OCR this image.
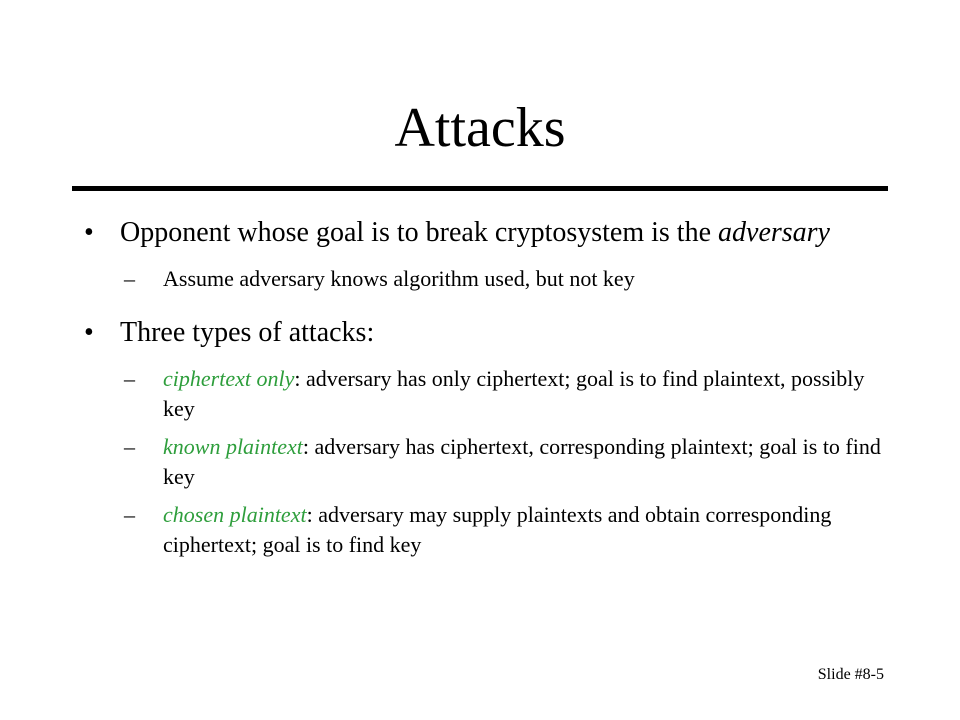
Attacks
• Opponent whose goal is to break cryptosystem is the adversary
– Assume adversary knows algorithm used, but not key
• Three types of attacks:
– ciphertext only: adversary has only ciphertext; goal is to find plaintext, possibly key
– known plaintext: adversary has ciphertext, corresponding plaintext; goal is to find key
– chosen plaintext: adversary may supply plaintexts and obtain corresponding ciphertext; goal is to find key
Slide #8-5
